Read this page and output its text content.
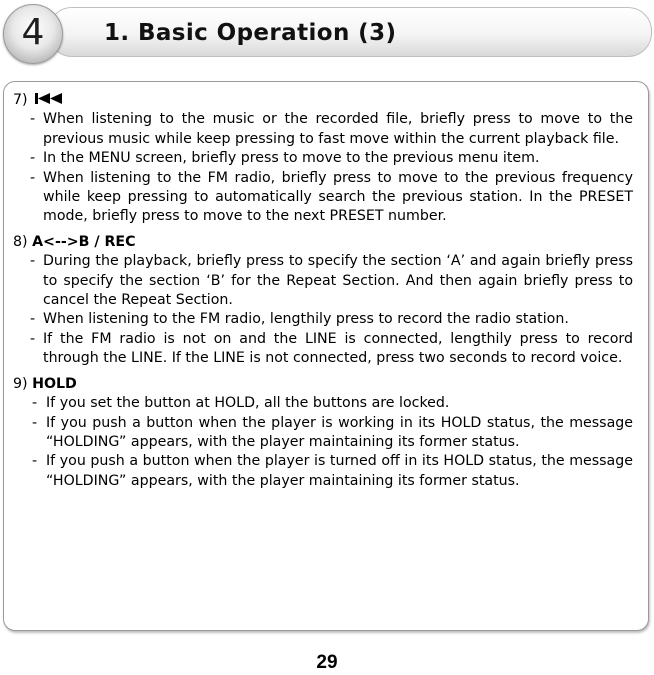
4	1. Basic Operation (3)

7)

- When listening to the music or the recorded file, briefly press to move to the previous music while keep pressing to fast move within the current playback file.

- In the MENU screen, briefly press to move to the previous menu item.

- When listening to the FM radio, briefly press to move to the previous frequency while keep pressing to automatically search the previous station. In the PRESET mode, briefly press to move to the next PRESET number.

8) A<-->B / REC

- During the playback, briefly press to specify the section ‘A’ and again briefly press to specify the section ‘B’ for the Repeat Section. And then again briefly press to cancel the Repeat Section.

- When listening to the FM radio, lengthily press to record the radio station.

- If the FM radio is not on and the LINE is connected, lengthily press to record through the LINE. If the LINE is not connected, press two seconds to record voice.

9) HOLD

- If you set the button at HOLD, all the buttons are locked.

- If you push a button when the player is working in its HOLD status, the message “HOLDING” appears, with the player maintaining its former status.

- If you push a button when the player is turned off in its HOLD status, the message “HOLDING” appears, with the player maintaining its former status.

29
